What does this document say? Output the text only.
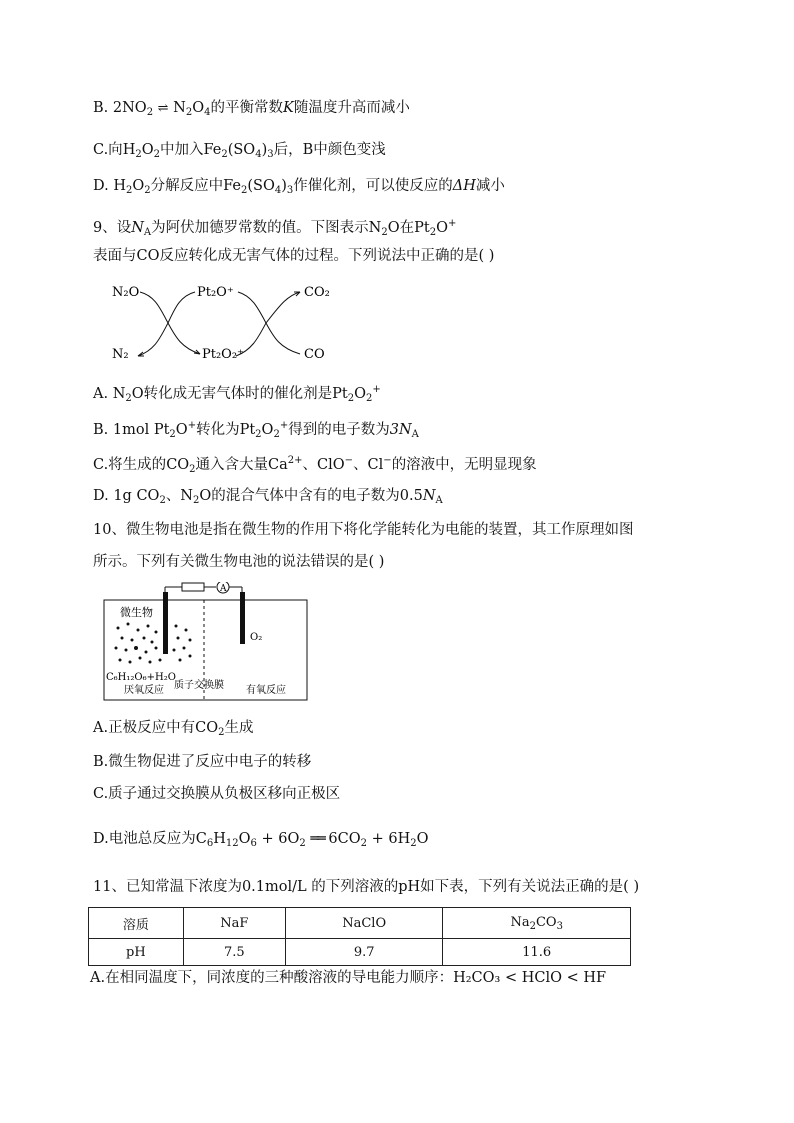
B. $2NO_2$ ⇌ $N_2O_4$的平衡常数K随温度升高而减小
C.向$H_2O_2$中加入$Fe_2(SO_4)_3$后，B中颜色变浅
D. $H_2O_2$分解反应中$Fe_2(SO_4)_3$作催化剂，可以使反应的ΔH减小
9、设$N_A$为阿伏加德罗常数的值。下图表示$N_2O$在$Pt_2O^+$
表面与CO反应转化成无害气体的过程。下列说法中正确的是( )
N₂O	Pt₂O⁺	CO₂
N₂	Pt₂O₂⁺	CO
A. $N_2O$转化成无害气体时的催化剂是$Pt_2O_2^+$
B. 1mol $Pt_2O^+$转化为$Pt_2O_2^+$得到的电子数为$3N_A$
C.将生成的$CO_2$通入含大量$Ca^{2+}$、ClO−、Cl−的溶液中，无明显现象
D. 1g $CO_2$、$N_2O$的混合气体中含有的电子数为$0.5N_A$
10、微生物电池是指在微生物的作用下将化学能转化为电能的装置，其工作原理如图
所示。下列有关微生物电池的说法错误的是( )
A
微生物
C₆H₁₂O₆+H₂O
厌氧反应 质子交换膜 有氧反应
O₂
A.正极反应中有$CO_2$生成
B.微生物促进了反应中电子的转移
C.质子通过交换膜从负极区移向正极区
D.电池总反应为$C_6H_{12}O_6 + 6O_2$ ══ $6CO_2 + 6H_2O$
11、已知常温下浓度为0.1mol/L 的下列溶液的pH如下表，下列有关说法正确的是( )
溶质	NaF	NaClO	$Na_2CO_3$
pH	7.5	9.7	11.6
A.在相同温度下，同浓度的三种酸溶液的导电能力顺序：H₂CO₃ < HClO < HF
